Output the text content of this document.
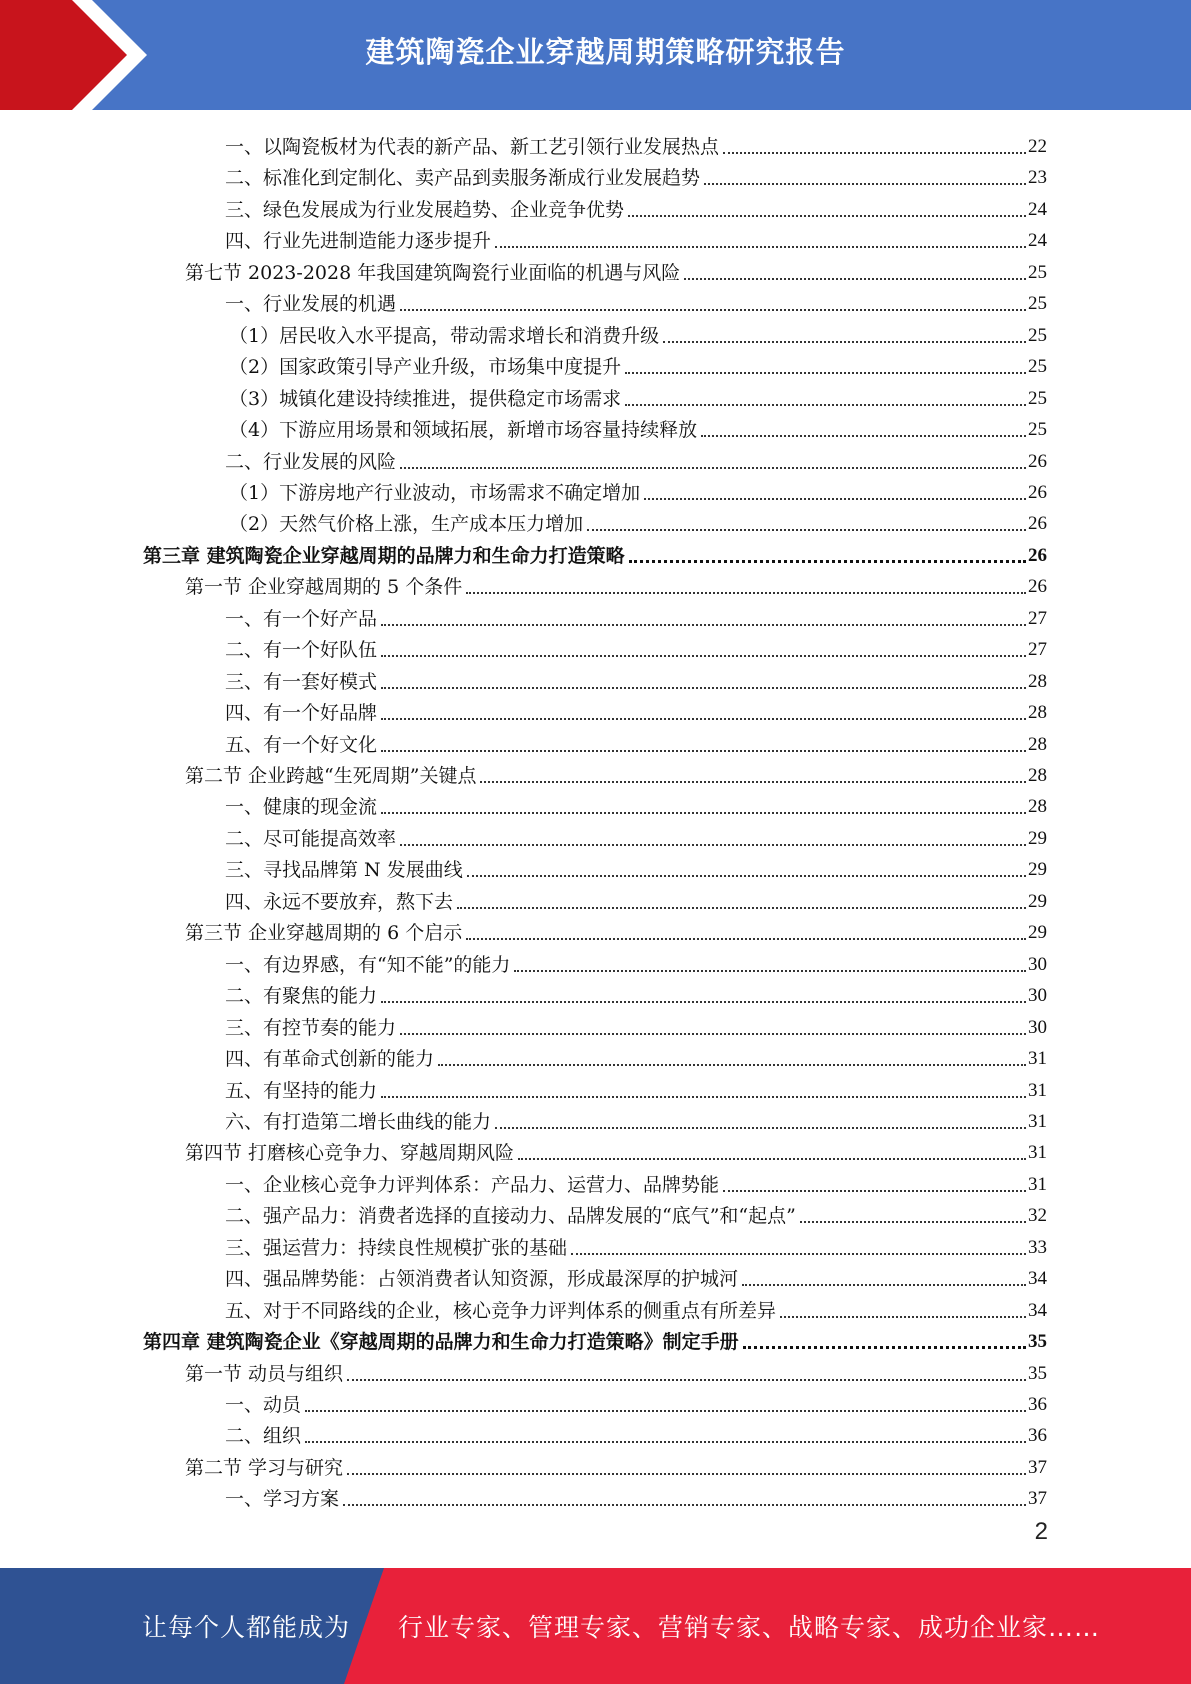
建筑陶瓷企业穿越周期策略研究报告
一、以陶瓷板材为代表的新产品、新工艺引领行业发展热点	22
二、标准化到定制化、卖产品到卖服务渐成行业发展趋势	23
三、绿色发展成为行业发展趋势、企业竞争优势	24
四、行业先进制造能力逐步提升	24
第七节 2023-2028 年我国建筑陶瓷行业面临的机遇与风险	25
一、行业发展的机遇	25
（1）居民收入水平提高，带动需求增长和消费升级	25
（2）国家政策引导产业升级，市场集中度提升	25
（3）城镇化建设持续推进，提供稳定市场需求	25
（4）下游应用场景和领域拓展，新增市场容量持续释放	25
二、行业发展的风险	26
（1）下游房地产行业波动，市场需求不确定增加	26
（2）天然气价格上涨，生产成本压力增加	26
第三章 建筑陶瓷企业穿越周期的品牌力和生命力打造策略	26
第一节 企业穿越周期的 5 个条件	26
一、有一个好产品	27
二、有一个好队伍	27
三、有一套好模式	28
四、有一个好品牌	28
五、有一个好文化	28
第二节 企业跨越“生死周期”关键点	28
一、健康的现金流	28
二、尽可能提高效率	29
三、寻找品牌第 N 发展曲线	29
四、永远不要放弃，熬下去	29
第三节 企业穿越周期的 6 个启示	29
一、有边界感，有“知不能”的能力	30
二、有聚焦的能力	30
三、有控节奏的能力	30
四、有革命式创新的能力	31
五、有坚持的能力	31
六、有打造第二增长曲线的能力	31
第四节 打磨核心竞争力、穿越周期风险	31
一、企业核心竞争力评判体系：产品力、运营力、品牌势能	31
二、强产品力：消费者选择的直接动力、品牌发展的“底气”和“起点”	32
三、强运营力：持续良性规模扩张的基础	33
四、强品牌势能：占领消费者认知资源，形成最深厚的护城河	34
五、对于不同路线的企业，核心竞争力评判体系的侧重点有所差异	34
第四章 建筑陶瓷企业《穿越周期的品牌力和生命力打造策略》制定手册	35
第一节 动员与组织	35
一、动员	36
二、组织	36
第二节 学习与研究	37
一、学习方案	37
2
让每个人都能成为 行业专家、管理专家、营销专家、战略专家、成功企业家……
